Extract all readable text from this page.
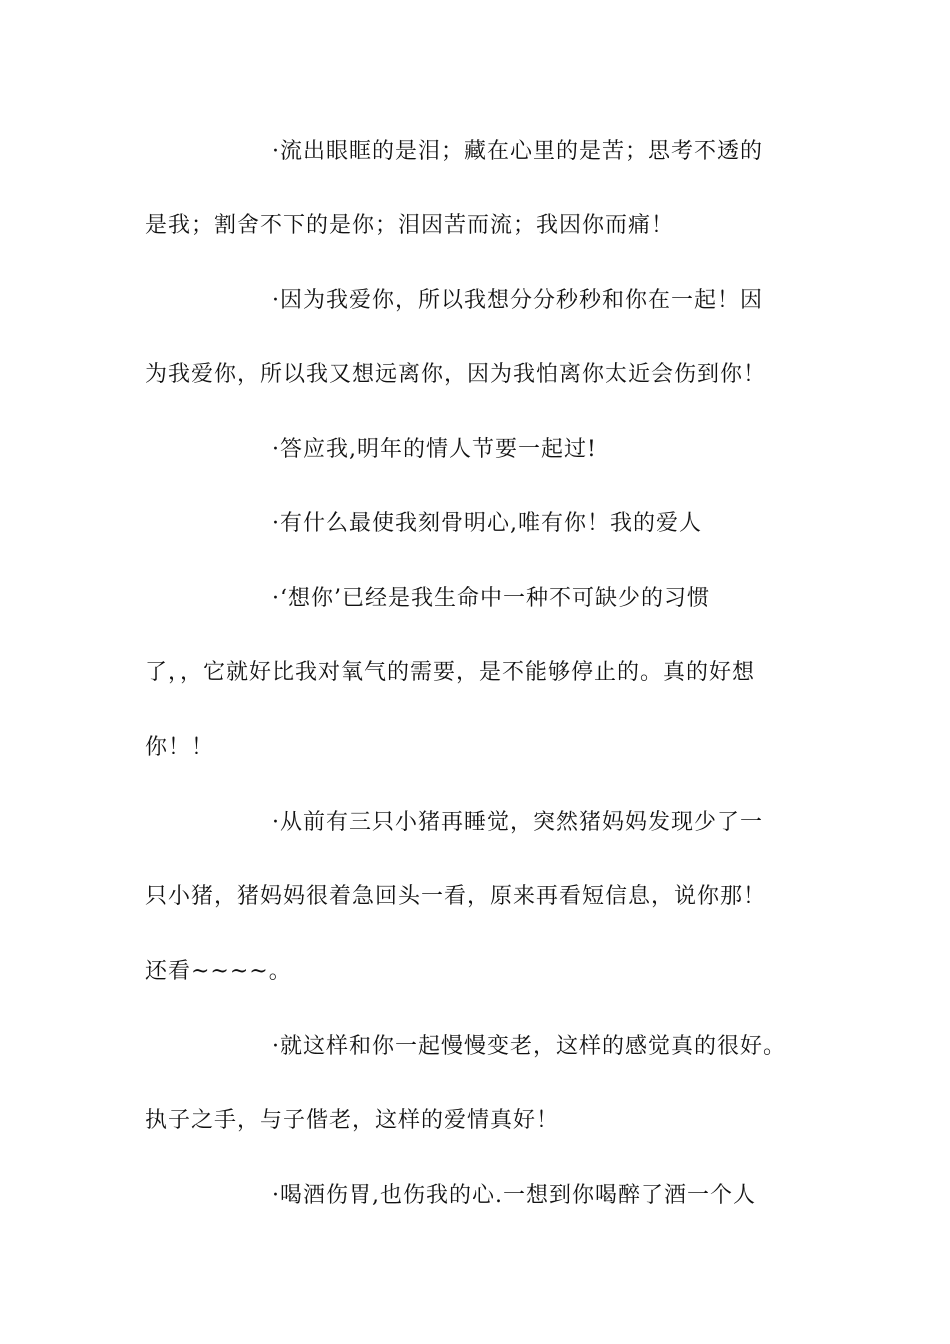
·流出眼眶的是泪；藏在心里的是苦；思考不透的
是我；割舍不下的是你；泪因苦而流；我因你而痛！
·因为我爱你，所以我想分分秒秒和你在一起！因
为我爱你，所以我又想远离你，因为我怕离你太近会伤到你！
·答应我,明年的情人节要一起过!
·有什么最使我刻骨明心,唯有你！我的爱人
·‘想你’已经是我生命中一种不可缺少的习惯
了，，它就好比我对氧气的需要，是不能够停止的。真的好想
你！！
·从前有三只小猪再睡觉，突然猪妈妈发现少了一
只小猪，猪妈妈很着急回头一看，原来再看短信息，说你那！
还看~~~~。
·就这样和你一起慢慢变老，这样的感觉真的很好。
执子之手，与子偕老，这样的爱情真好！
·喝酒伤胃,也伤我的心.一想到你喝醉了酒一个人
